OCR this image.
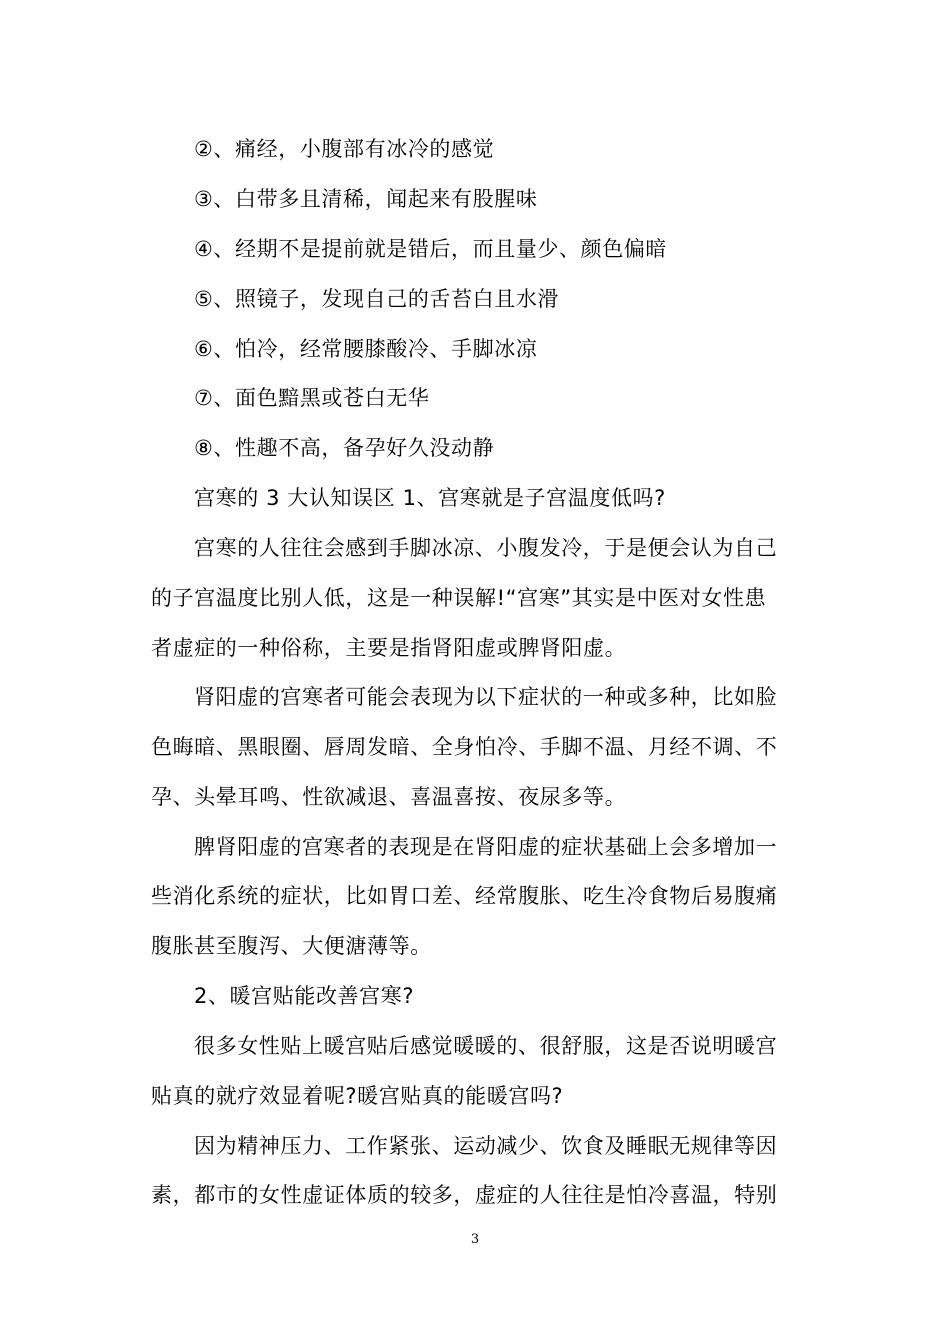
②、痛经，小腹部有冰冷的感觉
③、白带多且清稀，闻起来有股腥味
④、经期不是提前就是错后，而且量少、颜色偏暗
⑤、照镜子，发现自己的舌苔白且水滑
⑥、怕冷，经常腰膝酸冷、手脚冰凉
⑦、面色黯黑或苍白无华
⑧、性趣不高，备孕好久没动静
宫寒的 3 大认知误区 1、宫寒就是子宫温度低吗?
宫寒的人往往会感到手脚冰凉、小腹发冷，于是便会认为自己
的子宫温度比别人低，这是一种误解!“宫寒”其实是中医对女性患
者虚症的一种俗称，主要是指肾阳虚或脾肾阳虚。
肾阳虚的宫寒者可能会表现为以下症状的一种或多种，比如脸
色晦暗、黑眼圈、唇周发暗、全身怕冷、手脚不温、月经不调、不
孕、头晕耳鸣、性欲减退、喜温喜按、夜尿多等。
脾肾阳虚的宫寒者的表现是在肾阳虚的症状基础上会多增加一
些消化系统的症状，比如胃口差、经常腹胀、吃生冷食物后易腹痛
腹胀甚至腹泻、大便溏薄等。
2、暖宫贴能改善宫寒?
很多女性贴上暖宫贴后感觉暖暖的、很舒服，这是否说明暖宫
贴真的就疗效显着呢?暖宫贴真的能暖宫吗?
因为精神压力、工作紧张、运动减少、饮食及睡眠无规律等因
素，都市的女性虚证体质的较多，虚症的人往往是怕冷喜温，特别
3
